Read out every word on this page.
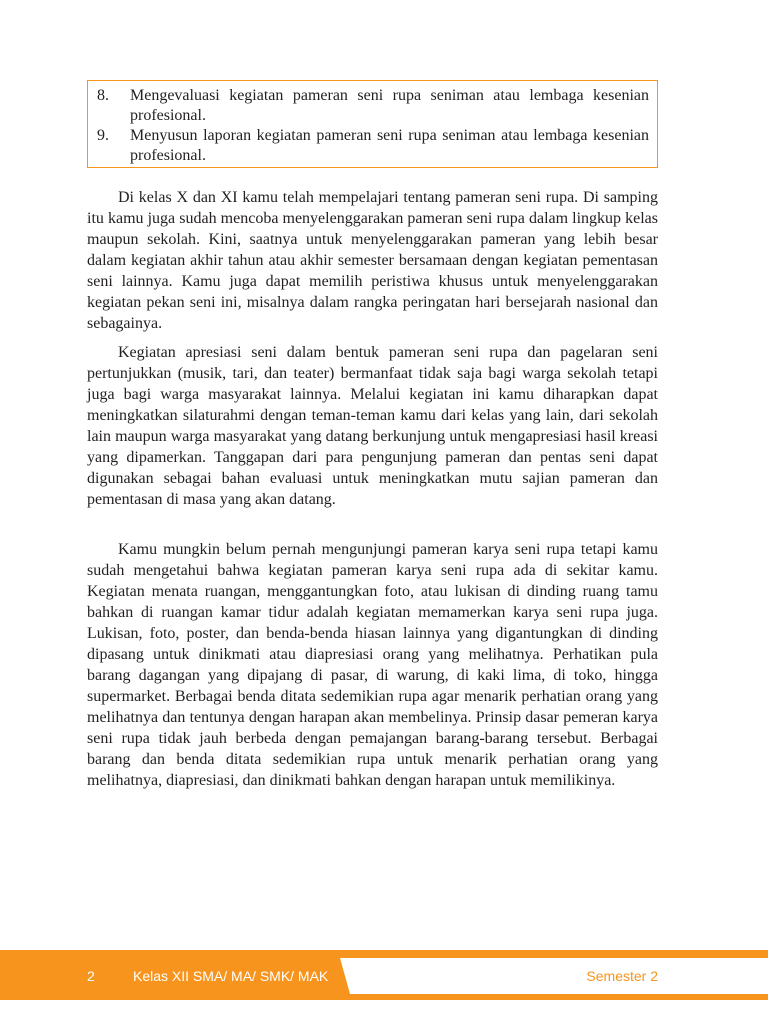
8.	Mengevaluasi kegiatan pameran seni rupa seniman atau lembaga kesenian profesional.
9.	Menyusun laporan kegiatan pameran seni rupa seniman atau lembaga kesenian profesional.

Di kelas X dan XI kamu telah mempelajari tentang pameran seni rupa. Di samping itu kamu juga sudah mencoba menyelenggarakan pameran seni rupa dalam lingkup kelas maupun sekolah. Kini, saatnya untuk menyelenggarakan pameran yang lebih besar dalam kegiatan akhir tahun atau akhir semester bersamaan dengan kegiatan pementasan seni lainnya. Kamu juga dapat memilih peristiwa khusus untuk menyelenggarakan kegiatan pekan seni ini, misalnya dalam rangka peringatan hari bersejarah nasional dan sebagainya.

Kegiatan apresiasi seni dalam bentuk pameran seni rupa dan pagelaran seni pertunjukkan (musik, tari, dan teater) bermanfaat tidak saja bagi warga sekolah tetapi juga bagi warga masyarakat lainnya. Melalui kegiatan ini kamu diharapkan dapat meningkatkan silaturahmi dengan teman-teman kamu dari kelas yang lain, dari sekolah lain maupun warga masyarakat yang datang berkunjung untuk mengapresiasi hasil kreasi yang dipamerkan. Tanggapan dari para pengunjung pameran dan pentas seni dapat digunakan sebagai bahan evaluasi untuk meningkatkan mutu sajian pameran dan pementasan di masa yang akan datang.

Kamu mungkin belum pernah mengunjungi pameran karya seni rupa tetapi kamu sudah mengetahui bahwa kegiatan pameran karya seni rupa ada di sekitar kamu. Kegiatan menata ruangan, menggantungkan foto, atau lukisan di dinding ruang tamu bahkan di ruangan kamar tidur adalah kegiatan memamerkan karya seni rupa juga. Lukisan, foto, poster, dan benda-benda hiasan lainnya yang digantungkan di dinding dipasang untuk dinikmati atau diapresiasi orang yang melihatnya. Perhatikan pula barang dagangan yang dipajang di pasar, di warung, di kaki lima, di toko, hingga supermarket. Berbagai benda ditata sedemikian rupa agar menarik perhatian orang yang melihatnya dan tentunya dengan harapan akan membelinya. Prinsip dasar pemeran karya seni rupa tidak jauh berbeda dengan pemajangan barang-barang tersebut. Berbagai barang dan benda ditata sedemikian rupa untuk menarik perhatian orang yang melihatnya, diapresiasi, dan dinikmati bahkan dengan harapan untuk memilikinya.

2	Kelas XII SMA/ MA/ SMK/ MAK	Semester 2
